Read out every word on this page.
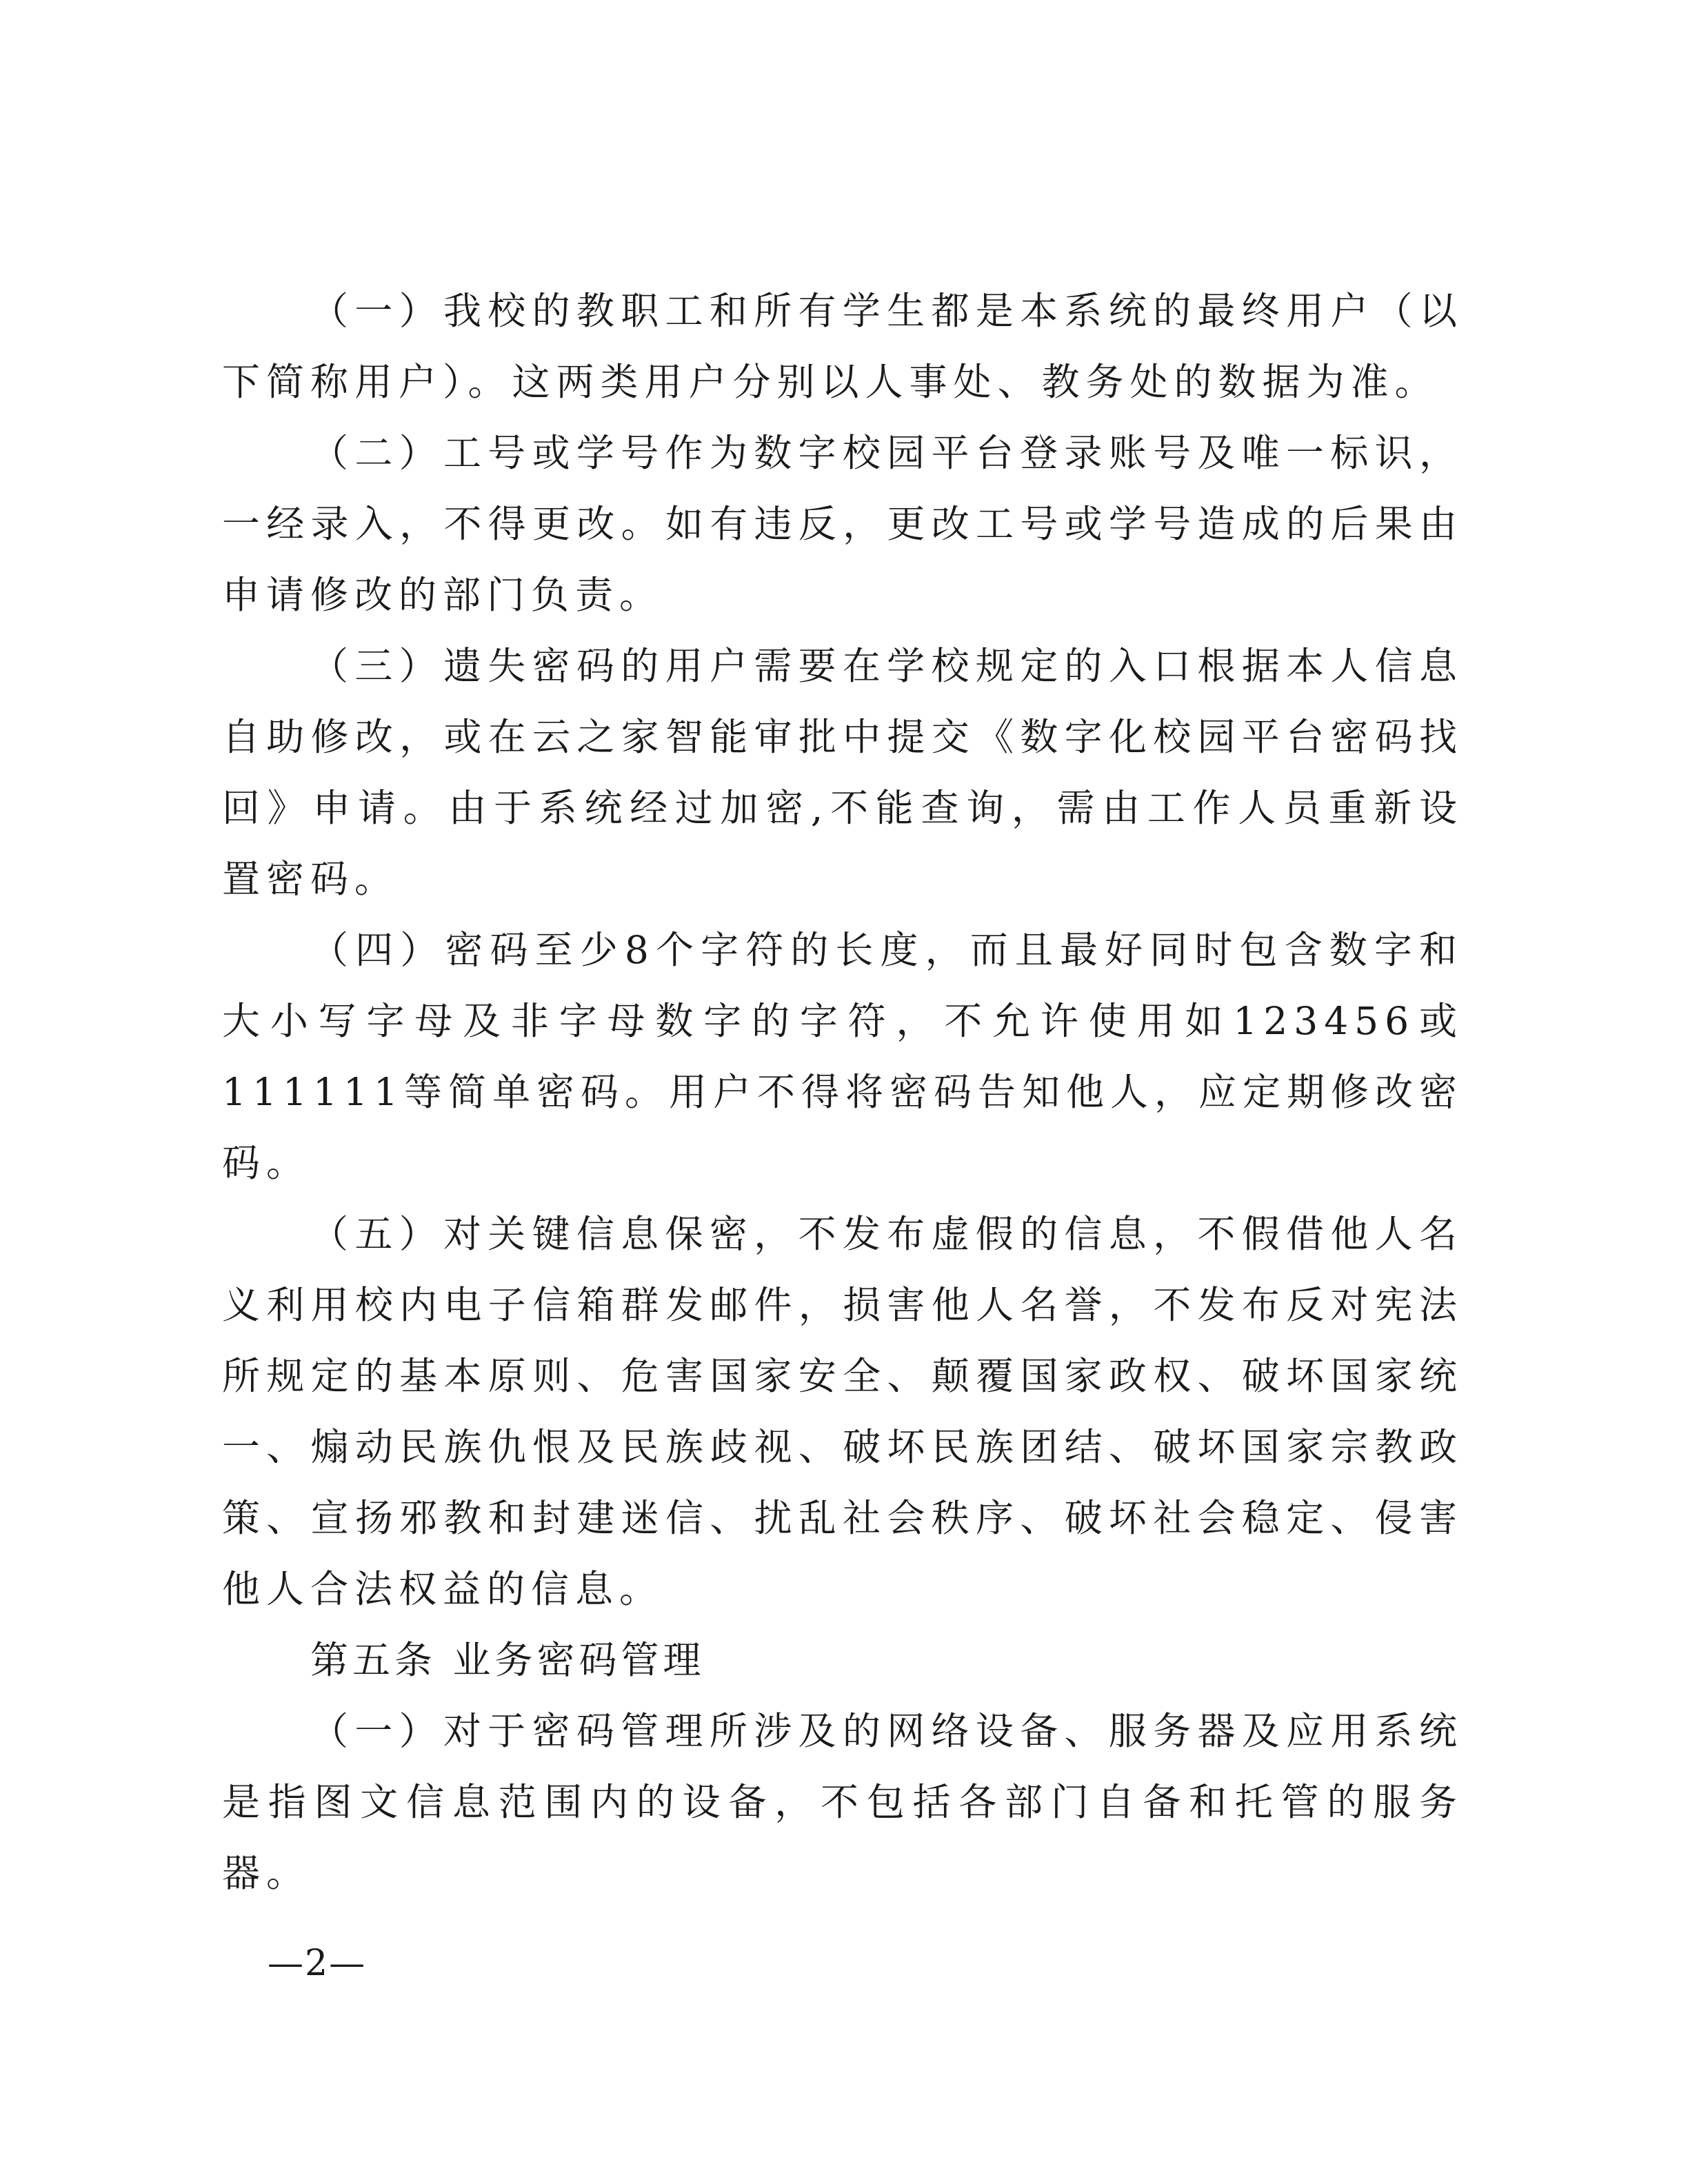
（一）我校的教职工和所有学生都是本系统的最终用户（以下简称用户）。这两类用户分别以人事处、教务处的数据为准。

（二）工号或学号作为数字校园平台登录账号及唯一标识，一经录入，不得更改。如有违反，更改工号或学号造成的后果由申请修改的部门负责。

（三）遗失密码的用户需要在学校规定的入口根据本人信息自助修改，或在云之家智能审批中提交《数字化校园平台密码找回》申请。由于系统经过加密,不能查询，需由工作人员重新设置密码。

（四）密码至少8个字符的长度，而且最好同时包含数字和大小写字母及非字母数字的字符，不允许使用如123456或111111等简单密码。用户不得将密码告知他人，应定期修改密码。

（五）对关键信息保密，不发布虚假的信息，不假借他人名义利用校内电子信箱群发邮件，损害他人名誉，不发布反对宪法所规定的基本原则、危害国家安全、颠覆国家政权、破坏国家统一、煽动民族仇恨及民族歧视、破坏民族团结、破坏国家宗教政策、宣扬邪教和封建迷信、扰乱社会秩序、破坏社会稳定、侵害他人合法权益的信息。

第五条 业务密码管理

（一）对于密码管理所涉及的网络设备、服务器及应用系统是指图文信息范围内的设备，不包括各部门自备和托管的服务器。

—2—
